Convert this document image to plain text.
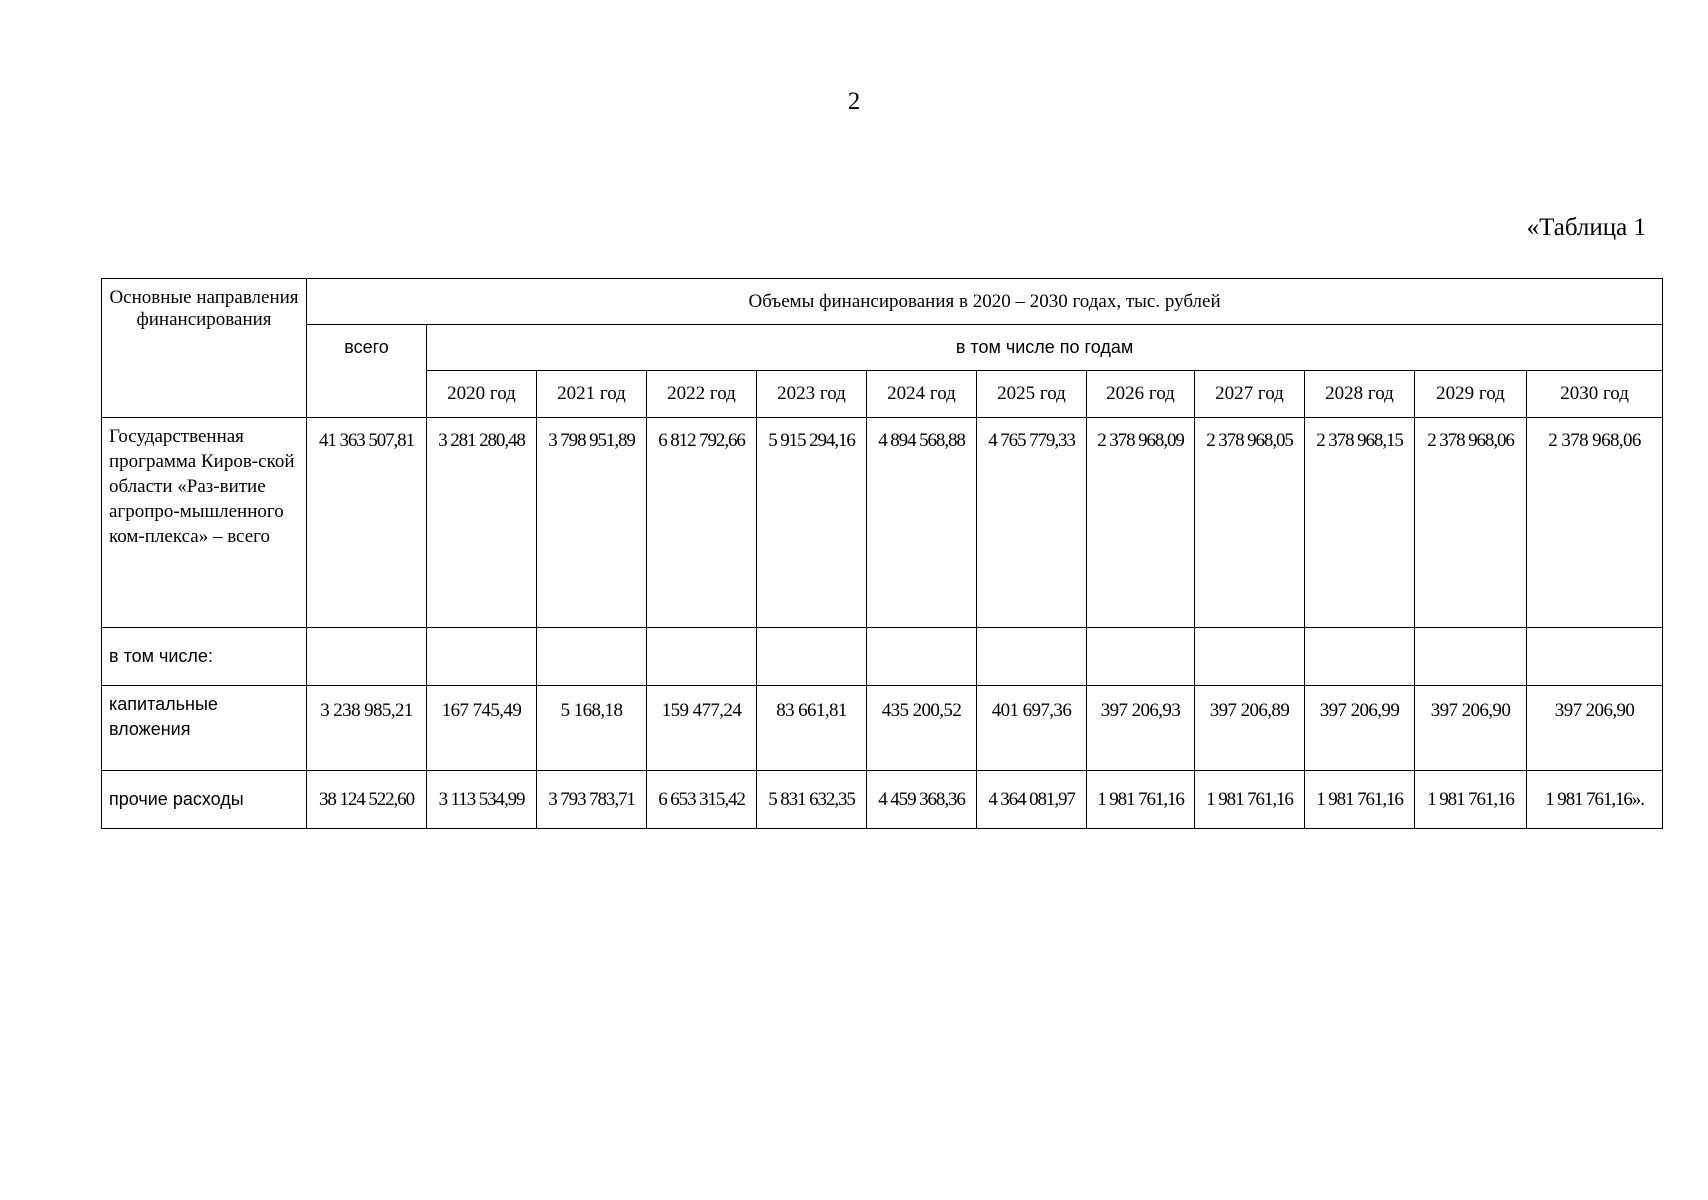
2
«Таблица 1
Основные направления финансирования	Объемы финансирования в 2020 – 2030 годах, тыс. рублей											
	всего	в том числе по годам										
		2020 год	2021 год	2022 год	2023 год	2024 год	2025 год	2026 год	2027 год	2028 год	2029 год	2030 год
Государственная программа Киров-ской области «Раз-витие агропро-мышленного ком-плекса» – всего	41 363 507,81	3 281 280,48	3 798 951,89	6 812 792,66	5 915 294,16	4 894 568,88	4 765 779,33	2 378 968,09	2 378 968,05	2 378 968,15	2 378 968,06	2 378 968,06
в том числе:												
капитальные вложения	3 238 985,21	167 745,49	5 168,18	159 477,24	83 661,81	435 200,52	401 697,36	397 206,93	397 206,89	397 206,99	397 206,90	397 206,90
прочие расходы	38 124 522,60	3 113 534,99	3 793 783,71	6 653 315,42	5 831 632,35	4 459 368,36	4 364 081,97	1 981 761,16	1 981 761,16	1 981 761,16	1 981 761,16	1 981 761,16».
